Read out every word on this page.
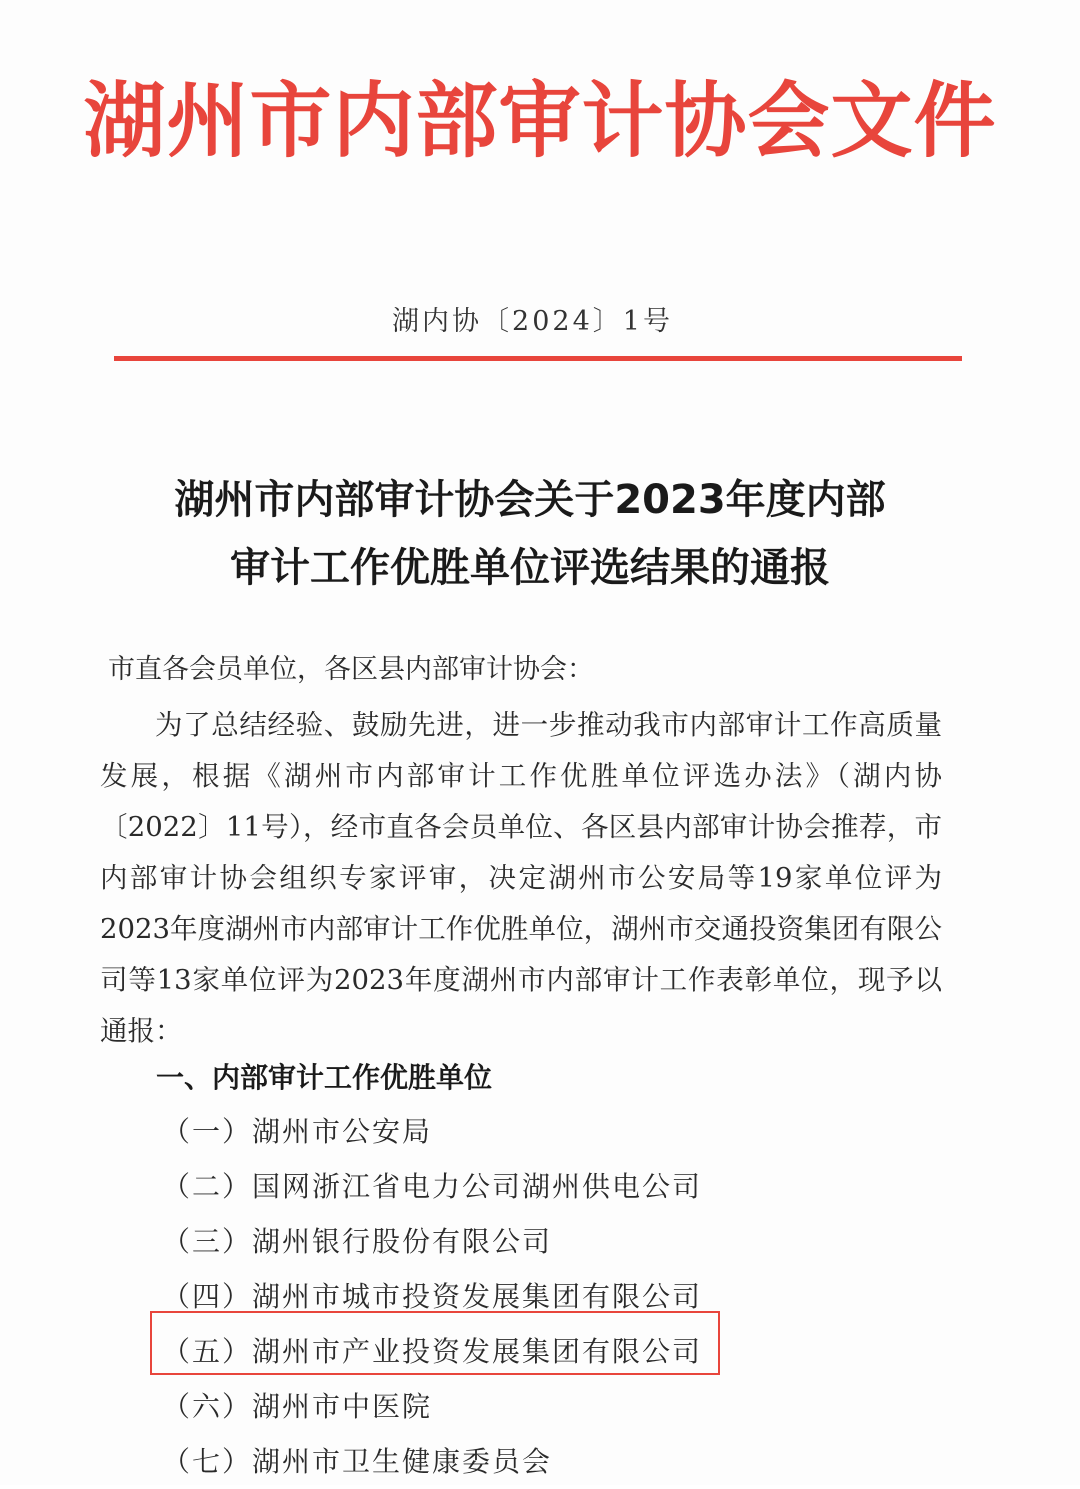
湖州市内部审计协会文件
湖内协〔2024〕1号
湖州市内部审计协会关于2023年度内部
审计工作优胜单位评选结果的通报
市直各会员单位，各区县内部审计协会：

为了总结经验、鼓励先进，进一步推动我市内部审计工作高质量发展，根据《湖州市内部审计工作优胜单位评选办法》（湖内协〔2022〕11号），经市直各会员单位、各区县内部审计协会推荐，市内部审计协会组织专家评审，决定湖州市公安局等19家单位评为2023年度湖州市内部审计工作优胜单位，湖州市交通投资集团有限公司等13家单位评为2023年度湖州市内部审计工作表彰单位，现予以通报：

一、内部审计工作优胜单位
（一）湖州市公安局
（二）国网浙江省电力公司湖州供电公司
（三）湖州银行股份有限公司
（四）湖州市城市投资发展集团有限公司
（五）湖州市产业投资发展集团有限公司
（六）湖州市中医院
（七）湖州市卫生健康委员会
